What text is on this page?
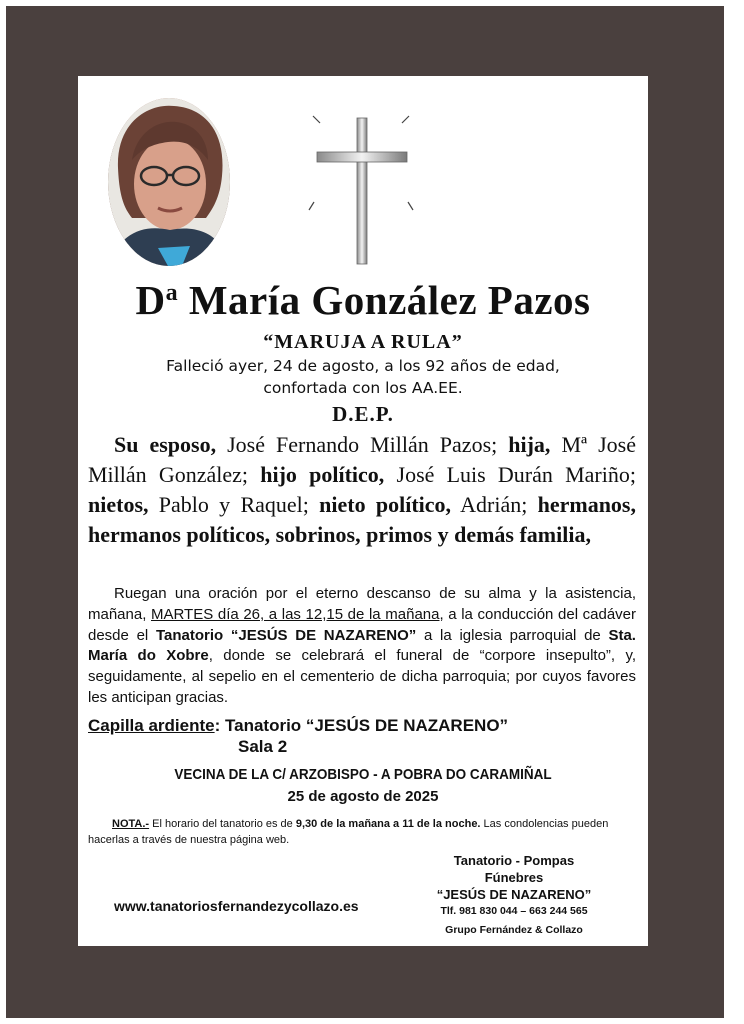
$D^a$ María González Pazos
“MARUJA A RULA”
Falleció ayer, 24 de agosto, a los 92 años de edad,
confortada con los AA.EE.
D.E.P.
Su esposo, José Fernando Millán Pazos; hija, Mª José Millán González; hijo político, José Luis Durán Mariño; nietos, Pablo y Raquel; nieto político, Adrián; hermanos, hermanos políticos, sobrinos, primos y demás familia,
Ruegan una oración por el eterno descanso de su alma y la asistencia, mañana, MARTES día 26, a las 12,15 de la mañana, a la conducción del cadáver desde el Tanatorio “JESÚS DE NAZARENO” a la iglesia parroquial de Sta. María do Xobre, donde se celebrará el funeral de “corpore insepulto”, y, seguidamente, al sepelio en el cementerio de dicha parroquia; por cuyos favores les anticipan gracias.
Capilla ardiente: Tanatorio “JESÚS DE NAZARENO”
Sala 2
VECINA DE LA C/ ARZOBISPO - A POBRA DO CARAMIÑAL
25 de agosto de 2025
NOTA.- El horario del tanatorio es de 9,30 de la mañana a 11 de la noche. Las condolencias pueden hacerlas a través de nuestra página web.
www.tanatoriosfernandezycollazo.es
Tanatorio - Pompas Fúnebres
“JESÚS DE NAZARENO”
Tlf. 981 830 044 – 663 244 565
Grupo Fernández & Collazo
